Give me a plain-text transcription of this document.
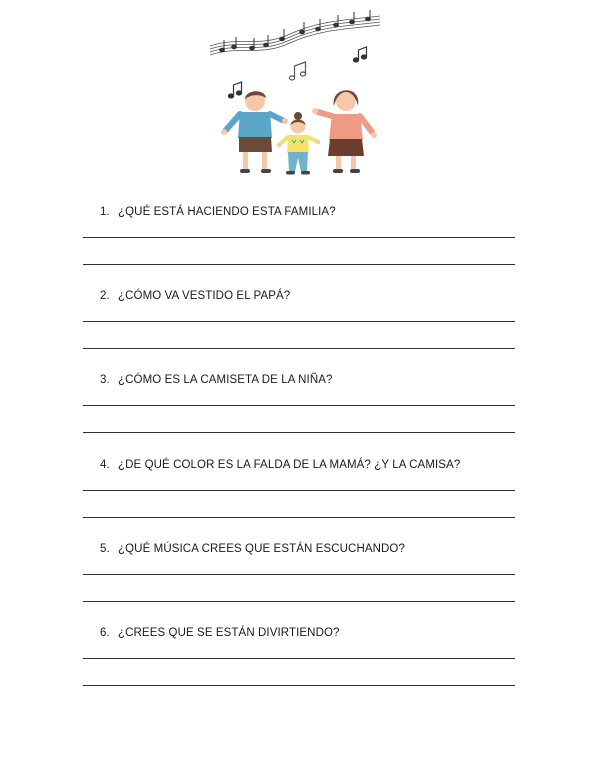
1. ¿QUÉ ESTÁ HACIENDO ESTA FAMILIA?
2. ¿CÓMO VA VESTIDO EL PAPÁ?
3. ¿CÓMO ES LA CAMISETA DE LA NIÑA?
4. ¿DE QUÉ COLOR ES LA FALDA DE LA MAMÁ? ¿Y LA CAMISA?
5. ¿QUÉ MÚSICA CREES QUE ESTÁN ESCUCHANDO?
6. ¿CREES QUE SE ESTÁN DIVIRTIENDO?
